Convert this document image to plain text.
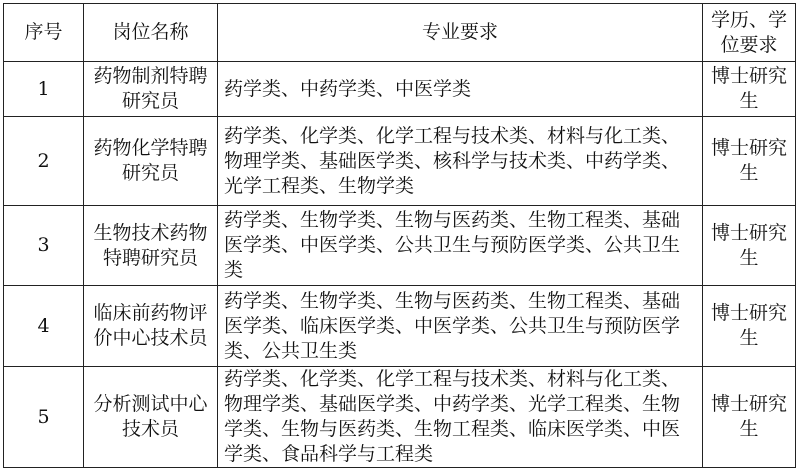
序号	岗位名称	专业要求	学历、学位要求
1	药物制剂特聘研究员	药学类、中药学类、中医学类	博士研究生
2	药物化学特聘研究员	药学类、化学类、化学工程与技术类、材料与化工类、物理学类、基础医学类、核科学与技术类、中药学类、光学工程类、生物学类	博士研究生
3	生物技术药物特聘研究员	药学类、生物学类、生物与医药类、生物工程类、基础医学类、中医学类、公共卫生与预防医学类、公共卫生类	博士研究生
4	临床前药物评价中心技术员	药学类、生物学类、生物与医药类、生物工程类、基础医学类、临床医学类、中医学类、公共卫生与预防医学类、公共卫生类	博士研究生
5	分析测试中心技术员	药学类、化学类、化学工程与技术类、材料与化工类、物理学类、基础医学类、中药学类、光学工程类、生物学类、生物与医药类、生物工程类、临床医学类、中医学类、食品科学与工程类	博士研究生
